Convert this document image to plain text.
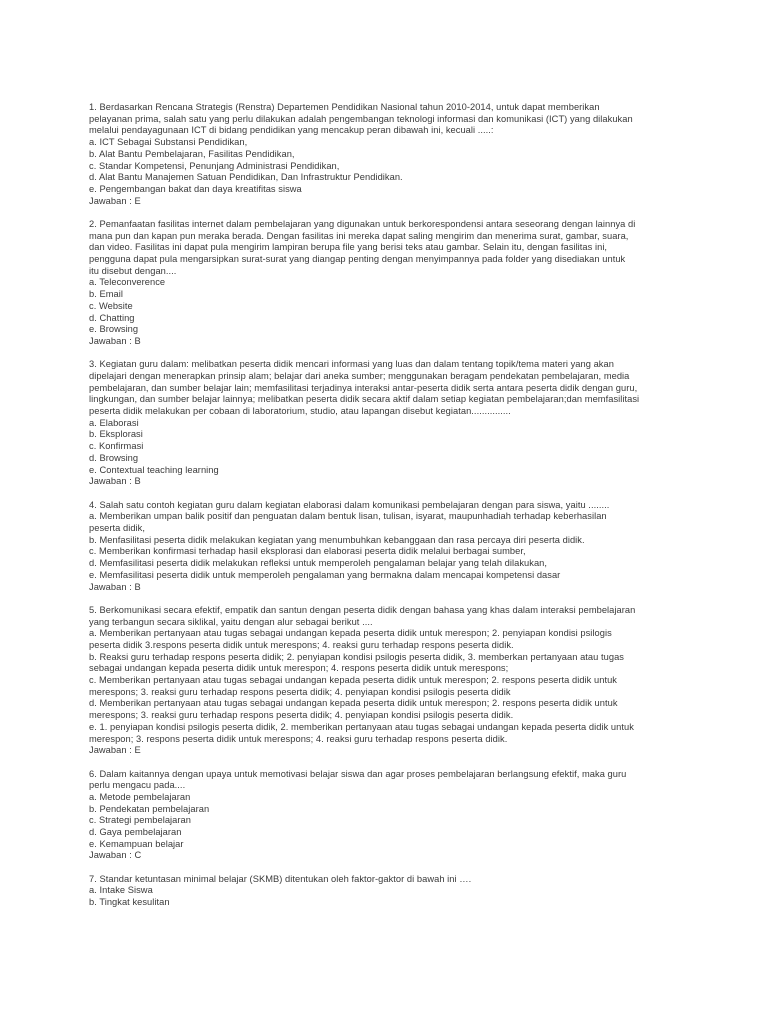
1. Berdasarkan Rencana Strategis (Renstra) Departemen Pendidikan Nasional tahun 2010-2014, untuk dapat memberikan
pelayanan prima, salah satu yang perlu dilakukan adalah pengembangan teknologi informasi dan komunikasi (ICT) yang dilakukan
melalui pendayagunaan ICT di bidang pendidikan yang mencakup peran dibawah ini, kecuali .....:
a. ICT Sebagai Substansi Pendidikan,
b. Alat Bantu Pembelajaran, Fasilitas Pendidikan,
c. Standar Kompetensi, Penunjang Administrasi Pendidikan,
d. Alat Bantu Manajemen Satuan Pendidikan, Dan Infrastruktur Pendidikan.
e. Pengembangan bakat dan daya kreatifitas siswa
Jawaban : E
2. Pemanfaatan fasilitas internet dalam pembelajaran yang digunakan untuk berkorespondensi antara seseorang dengan lainnya di
mana pun dan kapan pun meraka berada. Dengan fasilitas ini mereka dapat saling mengirim dan menerima surat, gambar, suara,
dan video. Fasilitas ini dapat pula mengirim lampiran berupa file yang berisi teks atau gambar. Selain itu, dengan fasilitas ini,
pengguna dapat pula mengarsipkan surat-surat yang diangap penting dengan menyimpannya pada folder yang disediakan untuk
itu disebut dengan....
a. Teleconverence
b. Email
c. Website
d. Chatting
e. Browsing
Jawaban : B
3. Kegiatan guru dalam: melibatkan peserta didik mencari informasi yang luas dan dalam tentang topik/tema materi yang akan
dipelajari dengan menerapkan prinsip alam; belajar dari aneka sumber; menggunakan beragam pendekatan pembelajaran, media
pembelajaran, dan sumber belajar lain; memfasilitasi terjadinya interaksi antar-peserta didik serta antara peserta didik dengan guru,
lingkungan, dan sumber belajar lainnya; melibatkan peserta didik secara aktif dalam setiap kegiatan pembelajaran;dan memfasilitasi
peserta didik melakukan per cobaan di laboratorium, studio, atau lapangan disebut kegiatan...............
a. Elaborasi
b. Eksplorasi
c. Konfirmasi
d. Browsing
e. Contextual teaching learning
Jawaban : B
4. Salah satu contoh kegiatan guru dalam kegiatan elaborasi dalam komunikasi pembelajaran dengan para siswa, yaitu ........
a. Memberikan umpan balik positif dan penguatan dalam bentuk lisan, tulisan, isyarat, maupunhadiah terhadap keberhasilan
peserta didik,
b. Menfasilitasi peserta didik melakukan kegiatan yang menumbuhkan kebanggaan dan rasa percaya diri peserta didik.
c. Memberikan konfirmasi terhadap hasil eksplorasi dan elaborasi peserta didik melalui berbagai sumber,
d. Memfasilitasi peserta didik melakukan refleksi untuk memperoleh pengalaman belajar yang telah dilakukan,
e. Memfasilitasi peserta didik untuk memperoleh pengalaman yang bermakna dalam mencapai kompetensi dasar
Jawaban : B
5. Berkomunikasi secara efektif, empatik dan santun dengan peserta didik dengan bahasa yang khas dalam interaksi pembelajaran
yang terbangun secara siklikal, yaitu dengan alur sebagai berikut ....
a. Memberikan pertanyaan atau tugas sebagai undangan kepada peserta didik untuk merespon; 2. penyiapan kondisi psilogis
peserta didik 3.respons peserta didik untuk merespons; 4. reaksi guru terhadap respons peserta didik.
b. Reaksi guru terhadap respons peserta didik; 2. penyiapan kondisi psilogis peserta didik, 3. memberkan pertanyaan atau tugas
sebagai undangan kepada peserta didik untuk merespon; 4. respons peserta didik untuk merespons;
c. Memberikan pertanyaan atau tugas sebagai undangan kepada peserta didik untuk merespon; 2. respons peserta didik untuk
merespons; 3. reaksi guru terhadap respons peserta didik; 4. penyiapan kondisi psilogis peserta didik
d. Memberikan pertanyaan atau tugas sebagai undangan kepada peserta didik untuk merespon; 2. respons peserta didik untuk
merespons; 3. reaksi guru terhadap respons peserta didik; 4. penyiapan kondisi psilogis peserta didik.
e. 1. penyiapan kondisi psilogis peserta didik, 2. memberikan pertanyaan atau tugas sebagai undangan kepada peserta didik untuk
merespon; 3. respons peserta didik untuk merespons; 4. reaksi guru terhadap respons peserta didik.
Jawaban : E
6. Dalam kaitannya dengan upaya untuk memotivasi belajar siswa dan agar proses pembelajaran berlangsung efektif, maka guru
perlu mengacu pada....
a. Metode pembelajaran
b. Pendekatan pembelajaran
c. Strategi pembelajaran
d. Gaya pembelajaran
e. Kemampuan belajar
Jawaban : C
7. Standar ketuntasan minimal belajar (SKMB) ditentukan oleh faktor-gaktor di bawah ini ….
a. Intake Siswa
b. Tingkat kesulitan
